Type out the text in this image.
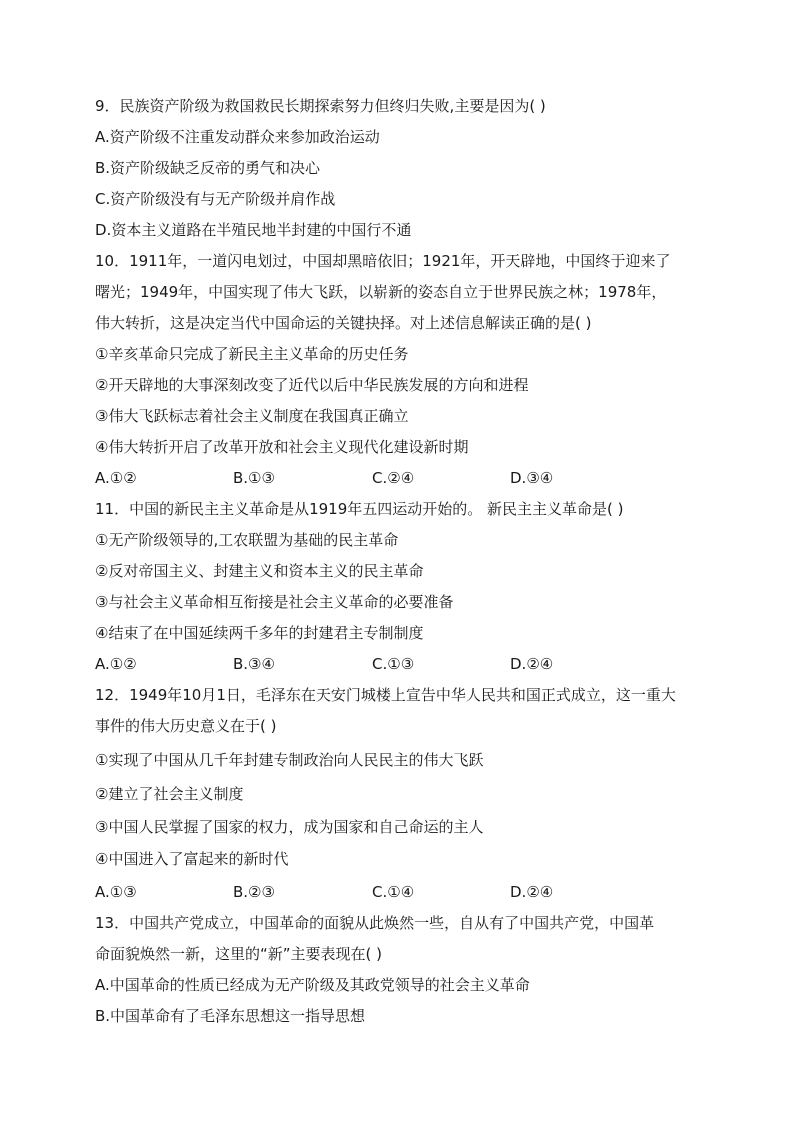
9．民族资产阶级为救国救民长期探索努力但终归失败,主要是因为( )
A.资产阶级不注重发动群众来参加政治运动
B.资产阶级缺乏反帝的勇气和决心
C.资产阶级没有与无产阶级并肩作战
D.资本主义道路在半殖民地半封建的中国行不通
10．1911年，一道闪电划过，中国却黑暗依旧；1921年，开天辟地，中国终于迎来了
曙光；1949年，中国实现了伟大飞跃，以崭新的姿态自立于世界民族之林；1978年，
伟大转折，这是决定当代中国命运的关键抉择。对上述信息解读正确的是( )
①辛亥革命只完成了新民主主义革命的历史任务
②开天辟地的大事深刻改变了近代以后中华民族发展的方向和进程
③伟大飞跃标志着社会主义制度在我国真正确立
④伟大转折开启了改革开放和社会主义现代化建设新时期
A.①②	B.①③	C.②④	D.③④
11．中国的新民主主义革命是从1919年五四运动开始的。 新民主主义革命是( )
①无产阶级领导的,工农联盟为基础的民主革命
②反对帝国主义、封建主义和资本主义的民主革命
③与社会主义革命相互衔接是社会主义革命的必要准备
④结束了在中国延续两千多年的封建君主专制制度
A.①②	B.③④	C.①③	D.②④
12．1949年10月1日，毛泽东在天安门城楼上宣告中华人民共和国正式成立，这一重大
事件的伟大历史意义在于( )
①实现了中国从几千年封建专制政治向人民民主的伟大飞跃
②建立了社会主义制度
③中国人民掌握了国家的权力，成为国家和自己命运的主人
④中国进入了富起来的新时代
A.①③	B.②③	C.①④	D.②④
13．中国共产党成立，中国革命的面貌从此焕然一些，自从有了中国共产党，中国革
命面貌焕然一新，这里的“新”主要表现在( )
A.中国革命的性质已经成为无产阶级及其政党领导的社会主义革命
B.中国革命有了毛泽东思想这一指导思想
